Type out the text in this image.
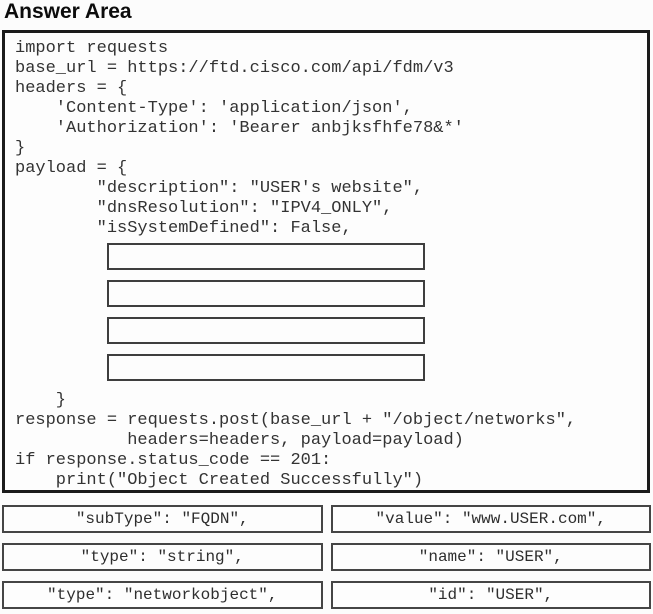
Answer Area
import requests
base_url = https://ftd.cisco.com/api/fdm/v3
headers = {
'Content-Type': 'application/json',
'Authorization': 'Bearer anbjksfhfe78&*'
}
payload = {
"description": "USER's website",
"dnsResolution": "IPV4_ONLY",
"isSystemDefined": False,
}
response = requests.post(base_url + "/object/networks",
headers=headers, payload=payload)
if response.status_code == 201:
print("Object Created Successfully")
"subType": "FQDN",	"value": "www.USER.com",
"type": "string",	"name": "USER",
"type": "networkobject",	"id": "USER",
